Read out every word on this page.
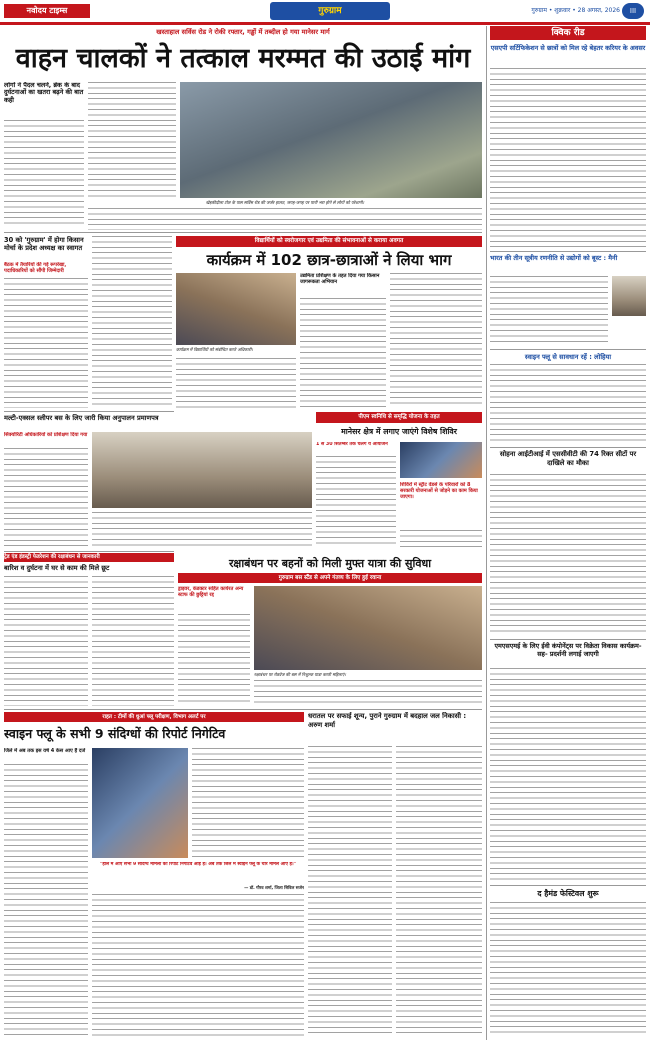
नवोदय टाइम्स	गुरुग्राम	गुरुग्राम • शुक्रवार • 28 अगस्त, 2026	III
खस्ताहाल सर्विस रोड ने रोकी रफ्तार, गड्ढों में तब्दील हो गया मानेसर मार्ग
वाहन चालकों ने तत्काल मरम्मत की उठाई मांग
लोगों ने पैदल चलने, ब्रेक के बाद दुर्घटनाओं का खतरा बढ़ने की बात कही
खेड़कीदौला टोल के पास सर्विस रोड की जर्जर हालत, जगह-जगह पर पानी भरा होने से लोगों को परेशानी।
30 को 'गुरुग्राम' में होगा किसान मोर्चा के प्रदेश अध्यक्ष का स्वागत
बैठक में तैयारियों की गई रूपरेखा, पदाधिकारियों को सौंपी जिम्मेदारी
विद्यार्थियों को स्वरोजगार एवं उद्यमिता की संभावनाओं से कराया अवगत
कार्यक्रम में 102 छात्र-छात्राओं ने लिया भाग
उद्यमिता प्रशिक्षण के तहत दिया गया किसान जागरूकता अभियान
कार्यक्रम में विद्यार्थियों को संबोधित करते अधिकारी।
मल्टी-एक्सल स्लीपर बस के लिए जारी किया अनुपालन प्रमाणपत्र
सिक्योरिटी अधिकारियों को प्रशिक्षण दिया गया
पीएम स्वनिधि से समृद्धि योजना के तहत
मानेसर क्षेत्र में लगाए जाएंगे विशेष शिविर
1 से 30 सितम्बर तक चलेंगे ये आयोजन
शिविरों में स्ट्रीट वेंडर्स के परिवारों को 8 सरकारी योजनाओं से जोड़ने का काम किया जाएगा।
ट्रेड एंड इंडस्ट्री फेडरेशन की रक्षाबंधन से जानकारी
बारिश व दुर्घटना में घर से काम की मिले छूट	रक्षाबंधन पर बहनों को मिली मुफ्त यात्रा की सुविधा
गुरुग्राम बस स्टैंड से अपने गंतव्य के लिए हुई रवाना
ड्राइवर, कंडक्टर सहित कार्यरत अन्य स्टाफ की छुट्टियां रद्द
रक्षाबंधन पर रोडवेज की बस में निशुल्क यात्रा करती महिलाएं।
राहत : टीमों की धुआं फ्लू परीक्षण, विभाग अलर्ट पर
स्वाइन फ्लू के सभी 9 संदिग्धों की रिपोर्ट निगेटिव
जिले में अब तक इस वर्ष 4 केस आए हैं दर्ज
"हाल में आए सभी 9 संदिग्ध मामलों की रिपोर्ट निगेटिव आई है। अब तक जिले में स्वाइन फ्लू के चार मामले आए हैं।"
— डॉ. गौरव शर्मा, जिला सिविल सर्जन
धरातल पर सफाई शून्य, पुराने गुरुग्राम में बदहाल जल निकासी : अरुण शर्मा
क्विक रीड
एसएपी सर्टिफिकेशन से छात्रों को मिल रहे बेहतर करियर के अवसर
भारत की तीन सूत्रीय रणनीति से उद्योगों को बूस्ट : मैनी
स्वाइन फ्लू से सावधान रहें : लोहिया
सोहना आईटीआई में एससीवीटी की 74 रिक्त सीटों पर दाखिले का मौका
एमएसएमई के लिए ईवी कंपोनेंट्स पर विक्रेता विकास कार्यक्रम- सह- प्रदर्शनी लगाई जाएगी
द हैमंड फेस्टिवल शुरू
